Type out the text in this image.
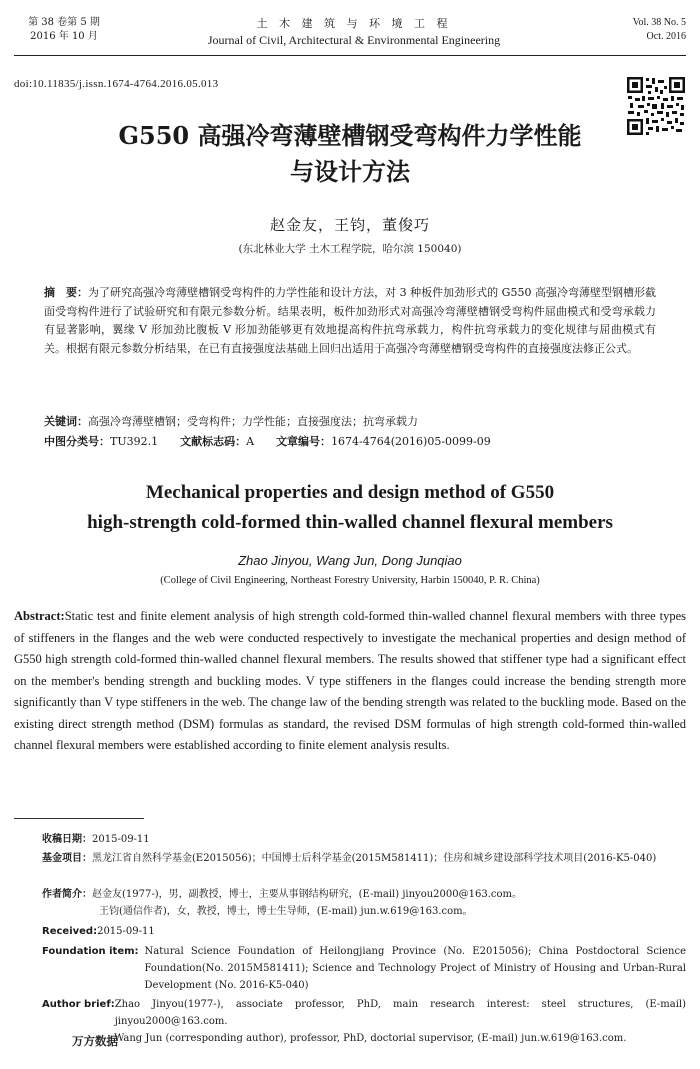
第 38 卷第 5 期
2016 年 10 月
土 木 建 筑 与 环 境 工 程
Journal of Civil, Architectural & Environmental Engineering
Vol. 38 No. 5
Oct. 2016
doi:10.11835/j.issn.1674-4764.2016.05.013
G550 高强冷弯薄壁槽钢受弯构件力学性能
与设计方法
赵金友，王钧，董俊巧
(东北林业大学 土木工程学院，哈尔滨 150040)
摘　要：为了研究高强冷弯薄壁槽钢受弯构件的力学性能和设计方法，对 3 种板件加劲形式的 G550 高强冷弯薄壁型钢槽形截面受弯构件进行了试验研究和有限元参数分析。结果表明，板件加劲形式对高强冷弯薄壁槽钢受弯构件屈曲模式和受弯承载力有显著影响，翼缘 V 形加劲比腹板 V 形加劲能够更有效地提高构件抗弯承载力，构件抗弯承载力的变化规律与屈曲模式有关。根据有限元参数分析结果，在已有直接强度法基础上回归出适用于高强冷弯薄壁槽钢受弯构件的直接强度法修正公式。
关键词：高强冷弯薄壁槽钢；受弯构件；力学性能；直接强度法；抗弯承载力
中图分类号：TU392.1 文献标志码：A 文章编号：1674-4764(2016)05-0099-09
Mechanical properties and design method of G550
high-strength cold-formed thin-walled channel flexural members
Zhao Jinyou, Wang Jun, Dong Junqiao
(College of Civil Engineering, Northeast Forestry University, Harbin 150040, P. R. China)
Abstract:Static test and finite element analysis of high strength cold-formed thin-walled channel flexural members with three types of stiffeners in the flanges and the web were conducted respectively to investigate the mechanical properties and design method of G550 high strength cold-formed thin-walled channel flexural members. The results showed that stiffener type had a significant effect on the member's bending strength and buckling modes. V type stiffeners in the flanges could increase the bending strength more significantly than V type stiffeners in the web. The change law of the bending strength was related to the buckling mode. Based on the existing direct strength method (DSM) formulas as standard, the revised DSM formulas of high strength cold-formed thin-walled channel flexural members were established according to finite element analysis results.
收稿日期：2015-09-11
基金项目： 黑龙江省自然科学基金(E2015056)；中国博士后科学基金(2015M581411)；住房和城乡建设部科学技术项目(2016-K5-040)
作者简介： 赵金友(1977-)，男，副教授，博士，主要从事钢结构研究，(E-mail) jinyou2000@163.com。
王钧(通信作者)，女，教授，博士，博士生导师，(E-mail) jun.w.619@163.com。
Received:2015-09-11
Foundation item: Natural Science Foundation of Heilongjiang Province (No. E2015056); China Postdoctoral Science Foundation(No. 2015M581411); Science and Technology Project of Ministry of Housing and Urban-Rural Development (No. 2016-K5-040)
Author brief: Zhao Jinyou(1977-), associate professor, PhD, main research interest: steel structures, (E-mail) jinyou2000@163.com.
Wang Jun (corresponding author), professor, PhD, doctorial supervisor, (E-mail) jun.w.619@163.com.
万方数据
